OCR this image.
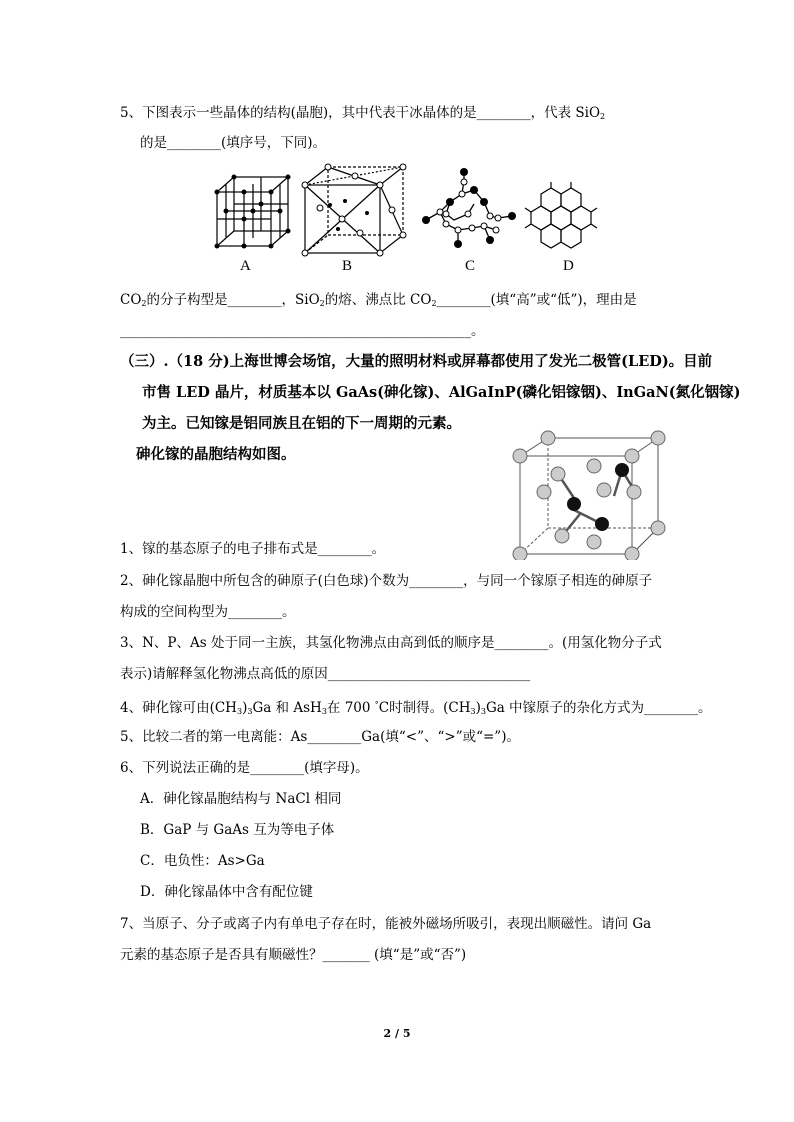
5、下图表示一些晶体的结构(晶胞)，其中代表干冰晶体的是________，代表 SiO$_2$
的是________(填序号，下同)。
A	B	C	D
$CO_2$的分子构型是________，SiO$_2$的熔、沸点比 $CO_2\_\_\_\_\_\_\_\_$(填“高”或“低”)，理由是
____________________________________________________。
（三）.（18 分)上海世博会场馆，大量的照明材料或屏幕都使用了发光二极管(LED)。目前
市售 LED 晶片，材质基本以 GaAs(砷化镓)、AlGaInP(磷化铝镓铟)、InGaN(氮化铟镓)
为主。已知镓是铝同族且在铝的下一周期的元素。
砷化镓的晶胞结构如图。
1、镓的基态原子的电子排布式是________。
2、砷化镓晶胞中所包含的砷原子(白色球)个数为________，与同一个镓原子相连的砷原子
构成的空间构型为________。
3、N、P、As 处于同一主族，其氢化物沸点由高到低的顺序是________。(用氢化物分子式
表示)请解释氢化物沸点高低的原因______________________________
4、砷化镓可由$(CH_3)_3Ga$ 和 AsH$_3$在 700 °C时制得。$(CH_3)_3Ga$ 中镓原子的杂化方式为________。
5、比较二者的第一电离能：As________Ga(填“<”、“>”或“=”)。
6、下列说法正确的是________(填字母)。
A．砷化镓晶胞结构与 NaCl 相同
B．GaP 与 GaAs 互为等电子体
C．电负性：As>Ga
D．砷化镓晶体中含有配位键
7、当原子、分子或离子内有单电子存在时，能被外磁场所吸引，表现出顺磁性。请问 Ga
元素的基态原子是否具有顺磁性？_______ (填“是”或“否”)
2 / 5
